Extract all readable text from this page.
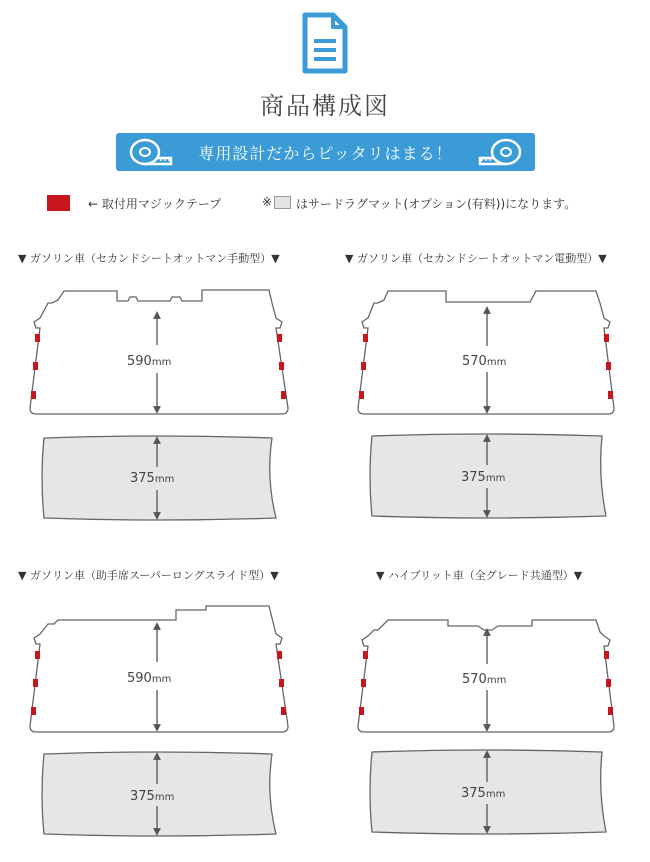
商品構成図
専用設計だからピッタリはまる！
← 取付用マジックテープ	※ はサードラグマット(オプション(有料))になります。
▼ ガソリン車（セカンドシートオットマン手動型）▼	▼ ガソリン車（セカンドシートオットマン電動型）▼
▼ ガソリン車（助手席スーパーロングスライド型）▼	▼ ハイブリット車（全グレード共通型）▼
590mm
375mm
570mm
375mm
590mm
375mm
570mm
375mm
